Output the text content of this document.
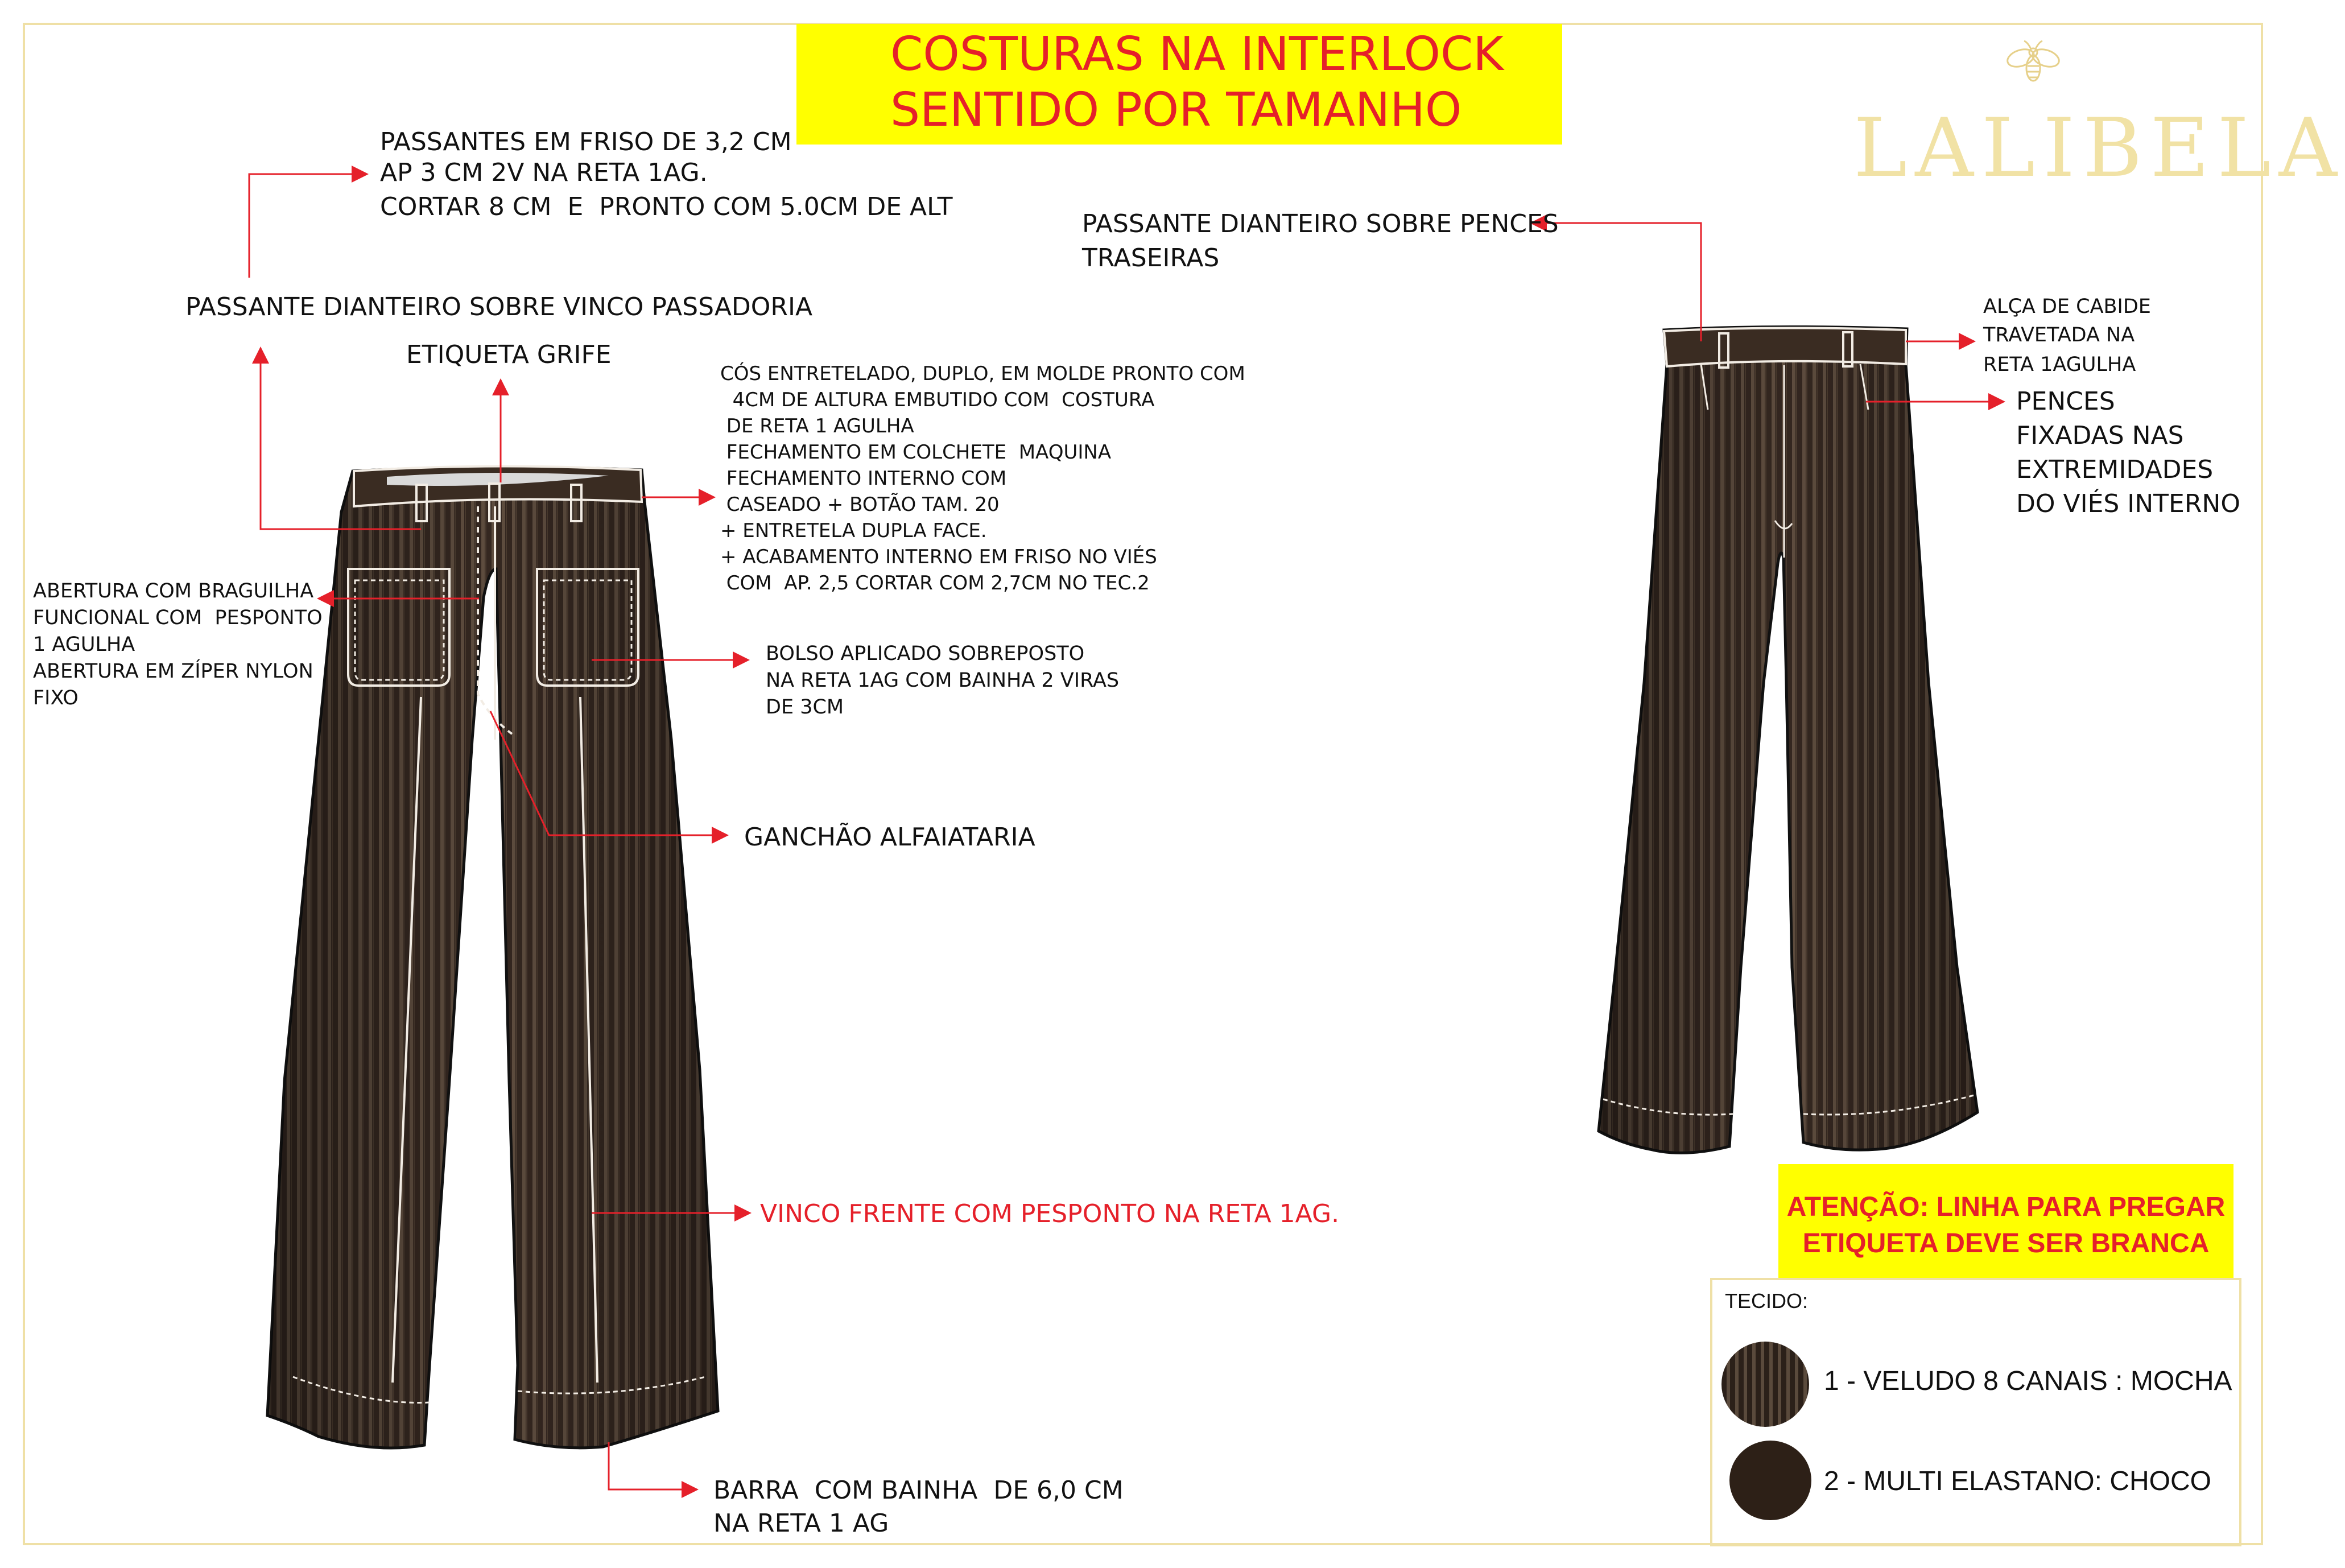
COSTURAS NA INTERLOCK
SENTIDO POR TAMANHO	LALIBELA
PASSANTES EM FRISO DE 3,2 CM
AP 3 CM 2V NA RETA 1AG.
CORTAR 8 CM  E  PRONTO COM 5.0CM DE ALT
PASSANTE DIANTEIRO SOBRE VINCO PASSADORIA
ETIQUETA GRIFE
CÓS ENTRETELADO, DUPLO, EM MOLDE PRONTO COM
4CM DE ALTURA EMBUTIDO COM  COSTURA
DE RETA 1 AGULHA
FECHAMENTO EM COLCHETE  MAQUINA
FECHAMENTO INTERNO COM
CASEADO + BOTÃO TAM. 20
+ ENTRETELA DUPLA FACE.
+ ACABAMENTO INTERNO EM FRISO NO VIÉS
COM  AP. 2,5 CORTAR COM 2,7CM NO TEC.2
ABERTURA COM BRAGUILHA
FUNCIONAL COM  PESPONTO
1 AGULHA
ABERTURA EM ZÍPER NYLON
FIXO
BOLSO APLICADO SOBREPOSTO
NA RETA 1AG COM BAINHA 2 VIRAS
DE 3CM
GANCHÃO ALFAIATARIA
VINCO FRENTE COM PESPONTO NA RETA 1AG.
BARRA  COM BAINHA  DE 6,0 CM
NA RETA 1 AG
PASSANTE DIANTEIRO SOBRE PENCES
TRASEIRAS
ALÇA DE CABIDE
TRAVETADA NA
RETA 1AGULHA
PENCES
FIXADAS NAS
EXTREMIDADES
DO VIÉS INTERNO
ATENÇÃO: LINHA PARA PREGAR
ETIQUETA DEVE SER BRANCA
TECIDO:
1 - VELUDO 8 CANAIS : MOCHA
2 - MULTI ELASTANO: CHOCO
